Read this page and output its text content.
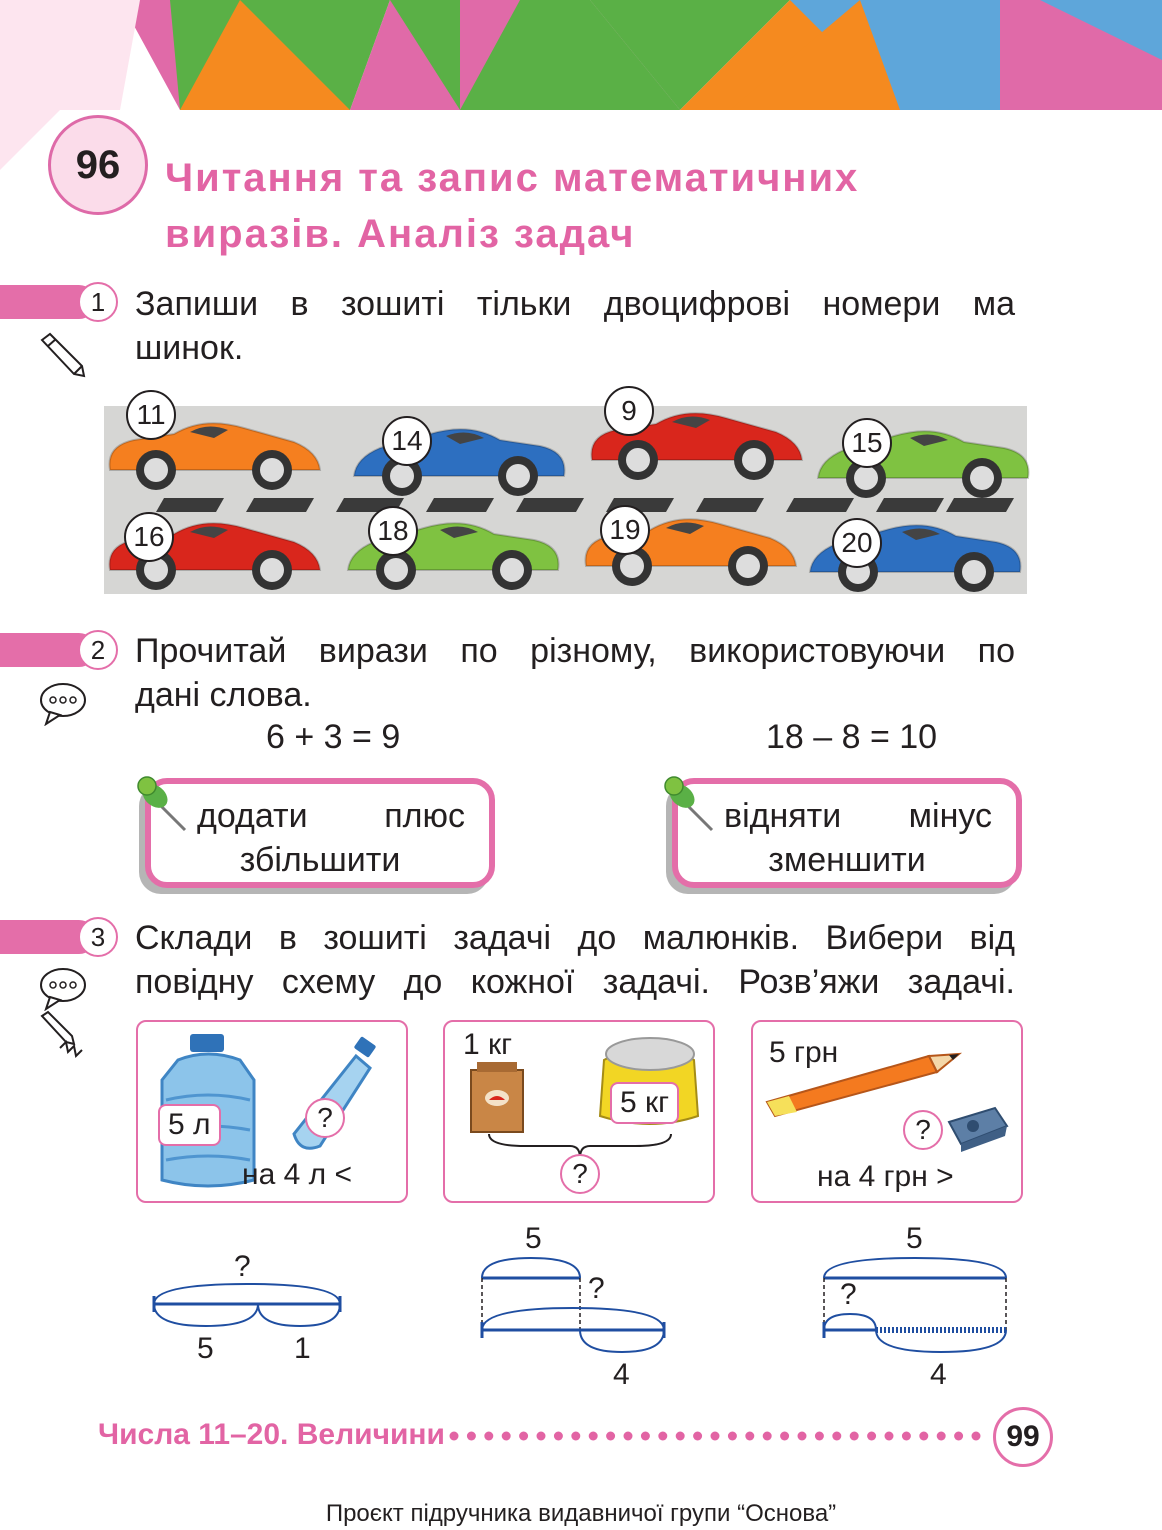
96	Читання та запис математичних
виразів. Аналіз задач
1 Запиши в зошиті тільки двоцифрові номери ма
шинок.
11
14
9
15
16	18	19	20
2 Прочитай вирази по різному, використовуючи по
дані слова.
6 + 3 = 9	18 – 8 = 10
додати плюс
збільшити
відняти мінус
зменшити
3 Склади в зошиті задачі до малюнків. Вибери від
повідну схему до кожної задачі. Розв’яжи задачі.
5 л	?
на 4 л <
1 кг
5 кг
?
5 грн
?
на 4 грн >
?
5	1
5
?
4
5
?
4
Числа 11–20. Величини	99
Проєкт підручника видавничої групи “Основа”
